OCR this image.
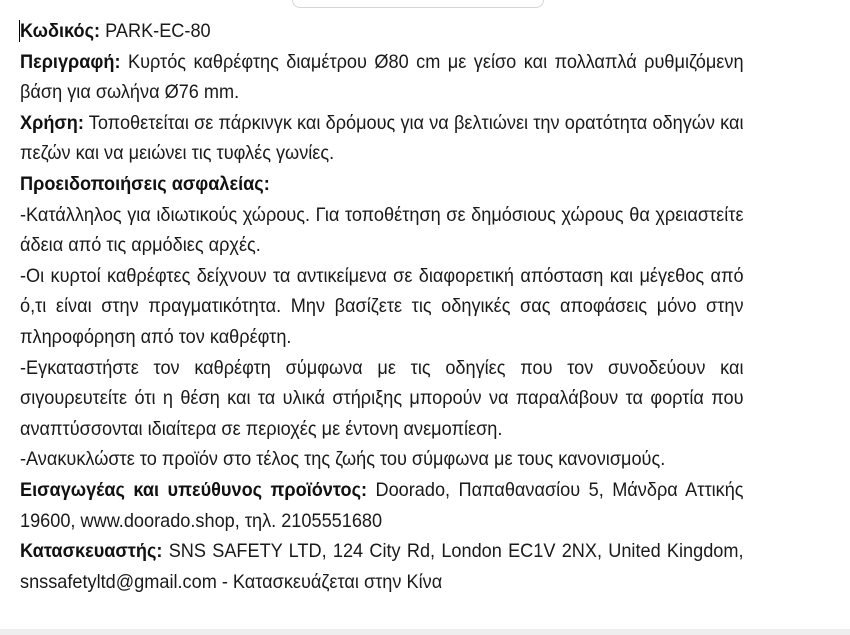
Κωδικός: PARK-EC-80

Περιγραφή: Κυρτός καθρέφτης διαμέτρου Ø80 cm με γείσο και πολλαπλά ρυθμιζόμενη βάση για σωλήνα Ø76 mm.

Χρήση: Τοποθετείται σε πάρκινγκ και δρόμους για να βελτιώνει την ορατότητα οδηγών και πεζών και να μειώνει τις τυφλές γωνίες.

Προειδοποιήσεις ασφαλείας:

-Κατάλληλος για ιδιωτικούς χώρους. Για τοποθέτηση σε δημόσιους χώρους θα χρειαστείτε άδεια από τις αρμόδιες αρχές.

-Οι κυρτοί καθρέφτες δείχνουν τα αντικείμενα σε διαφορετική απόσταση και μέγεθος από ό,τι είναι στην πραγματικότητα. Μην βασίζετε τις οδηγικές σας αποφάσεις μόνο στην πληροφόρηση από τον καθρέφτη.

-Εγκαταστήστε τον καθρέφτη σύμφωνα με τις οδηγίες που τον συνοδεύουν και σιγουρευτείτε ότι η θέση και τα υλικά στήριξης μπορούν να παραλάβουν τα φορτία που αναπτύσσονται ιδιαίτερα σε περιοχές με έντονη ανεμοπίεση.

-Ανακυκλώστε το προϊόν στο τέλος της ζωής του σύμφωνα με τους κανονισμούς.

Εισαγωγέας και υπεύθυνος προϊόντος: Doorado, Παπαθανασίου 5, Μάνδρα Αττικής 19600, www.doorado.shop, τηλ. 2105551680

Κατασκευαστής: SNS SAFETY LTD, 124 City Rd, London EC1V 2NX, United Kingdom, snssafetyltd@gmail.com - Κατασκευάζεται στην Κίνα
